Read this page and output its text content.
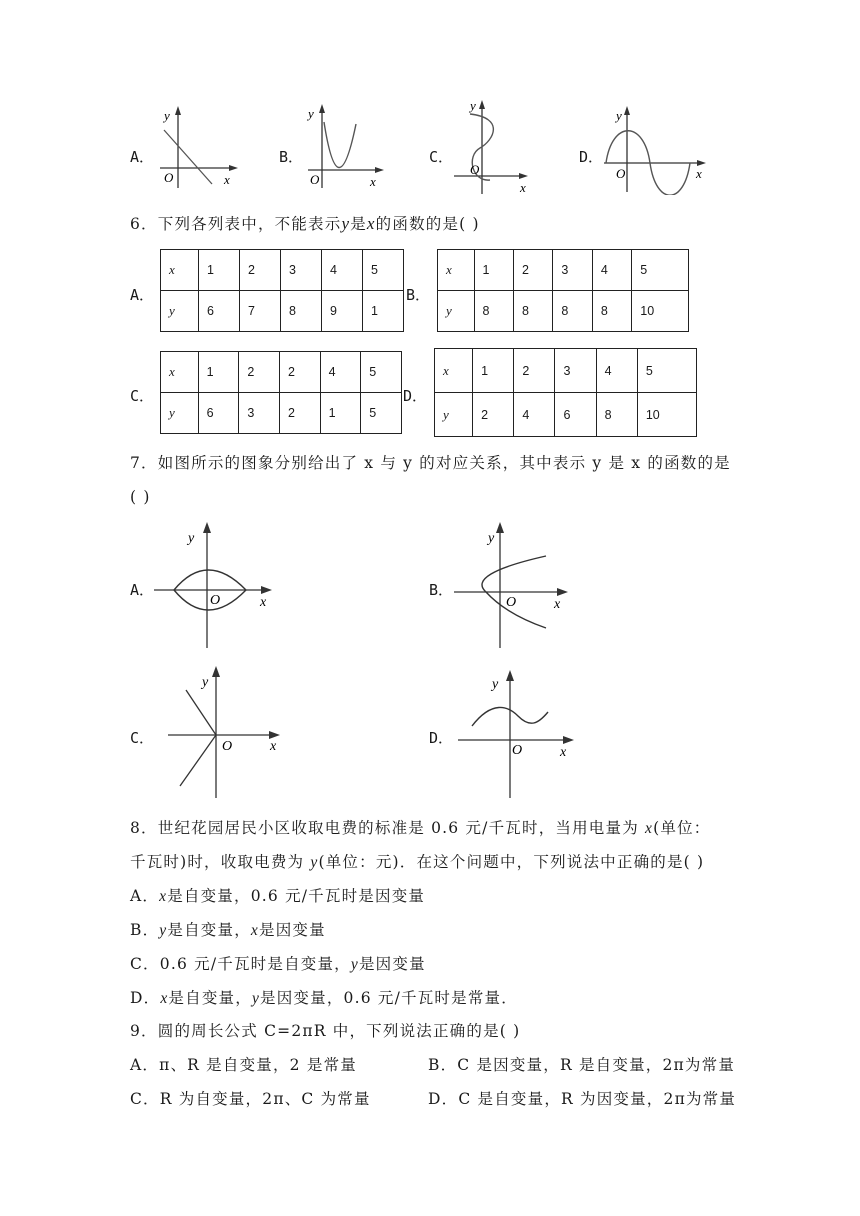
A．
y
x
O
B．
y
x
O
C．
y
x
O
D．
y
x
O
6．下列各列表中，不能表示y是x的函数的是( )
A．
x	1	2	3	4	5
y	6	7	8	9	1
B．
x	1	2	3	4	5
y	8	8	8	8	10
C．
x	1	2	2	4	5
y	6	3	2	1	5
D．
x	1	2	3	4	5
y	2	4	6	8	10
7．如图所示的图象分别给出了 x 与 y 的对应关系，其中表示 y 是 x 的函数的是
( )
A．
y
x
O
B．
y
x
O
C．
y
x
O	D．
y
x
O
8．世纪花园居民小区收取电费的标准是 0.6 元/千瓦时，当用电量为 x(单位：
千瓦时)时，收取电费为 y(单位：元)．在这个问题中，下列说法中正确的是( )
A．x是自变量，0.6 元/千瓦时是因变量
B．y是自变量，x是因变量
C．0.6 元/千瓦时是自变量，y是因变量
D．x是自变量，y是因变量，0.6 元/千瓦时是常量．
9．圆的周长公式 C=2πR 中，下列说法正确的是( )
A．π、R 是自变量，2 是常量	B．C 是因变量，R 是自变量，2π为常量
C．R 为自变量，2π、C 为常量	D．C 是自变量，R 为因变量，2π为常量
